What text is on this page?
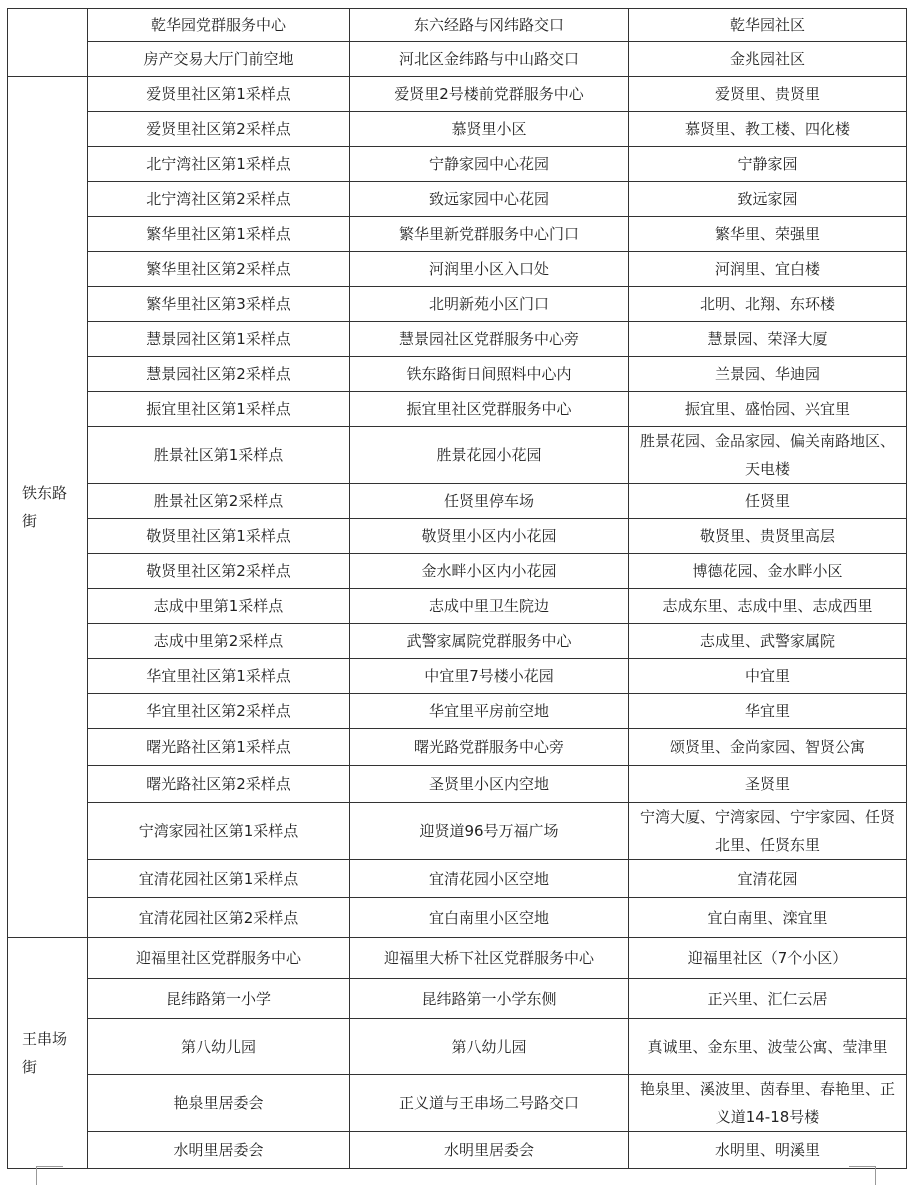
	乾华园党群服务中心	东六经路与冈纬路交口	乾华园社区
	房产交易大厅门前空地	河北区金纬路与中山路交口	金兆园社区
铁东路街	爱贤里社区第1采样点	爱贤里2号楼前党群服务中心	爱贤里、贵贤里
	爱贤里社区第2采样点	慕贤里小区	慕贤里、教工楼、四化楼
	北宁湾社区第1采样点	宁静家园中心花园	宁静家园
	北宁湾社区第2采样点	致远家园中心花园	致远家园
	繁华里社区第1采样点	繁华里新党群服务中心门口	繁华里、荣强里
	繁华里社区第2采样点	河润里小区入口处	河润里、宜白楼
	繁华里社区第3采样点	北明新苑小区门口	北明、北翔、东环楼
	慧景园社区第1采样点	慧景园社区党群服务中心旁	慧景园、荣泽大厦
	慧景园社区第2采样点	铁东路街日间照料中心内	兰景园、华迪园
	振宜里社区第1采样点	振宜里社区党群服务中心	振宜里、盛怡园、兴宜里
	胜景社区第1采样点	胜景花园小花园	胜景花园、金品家园、偏关南路地区、天电楼
	胜景社区第2采样点	任贤里停车场	任贤里
	敬贤里社区第1采样点	敬贤里小区内小花园	敬贤里、贵贤里高层
	敬贤里社区第2采样点	金水畔小区内小花园	博德花园、金水畔小区
	志成中里第1采样点	志成中里卫生院边	志成东里、志成中里、志成西里
	志成中里第2采样点	武警家属院党群服务中心	志成里、武警家属院
	华宜里社区第1采样点	中宜里7号楼小花园	中宜里
	华宜里社区第2采样点	华宜里平房前空地	华宜里
	曙光路社区第1采样点	曙光路党群服务中心旁	颂贤里、金尚家园、智贤公寓
	曙光路社区第2采样点	圣贤里小区内空地	圣贤里
	宁湾家园社区第1采样点	迎贤道96号万福广场	宁湾大厦、宁湾家园、宁宇家园、任贤北里、任贤东里
	宜清花园社区第1采样点	宜清花园小区空地	宜清花园
	宜清花园社区第2采样点	宜白南里小区空地	宜白南里、滦宜里
王串场街	迎福里社区党群服务中心	迎福里大桥下社区党群服务中心	迎福里社区（7个小区）
	昆纬路第一小学	昆纬路第一小学东侧	正兴里、汇仁云居
	第八幼儿园	第八幼儿园	真诚里、金东里、波莹公寓、莹津里
	艳泉里居委会	正义道与王串场二号路交口	艳泉里、溪波里、茵春里、春艳里、正义道14-18号楼
	水明里居委会	水明里居委会	水明里、明溪里
